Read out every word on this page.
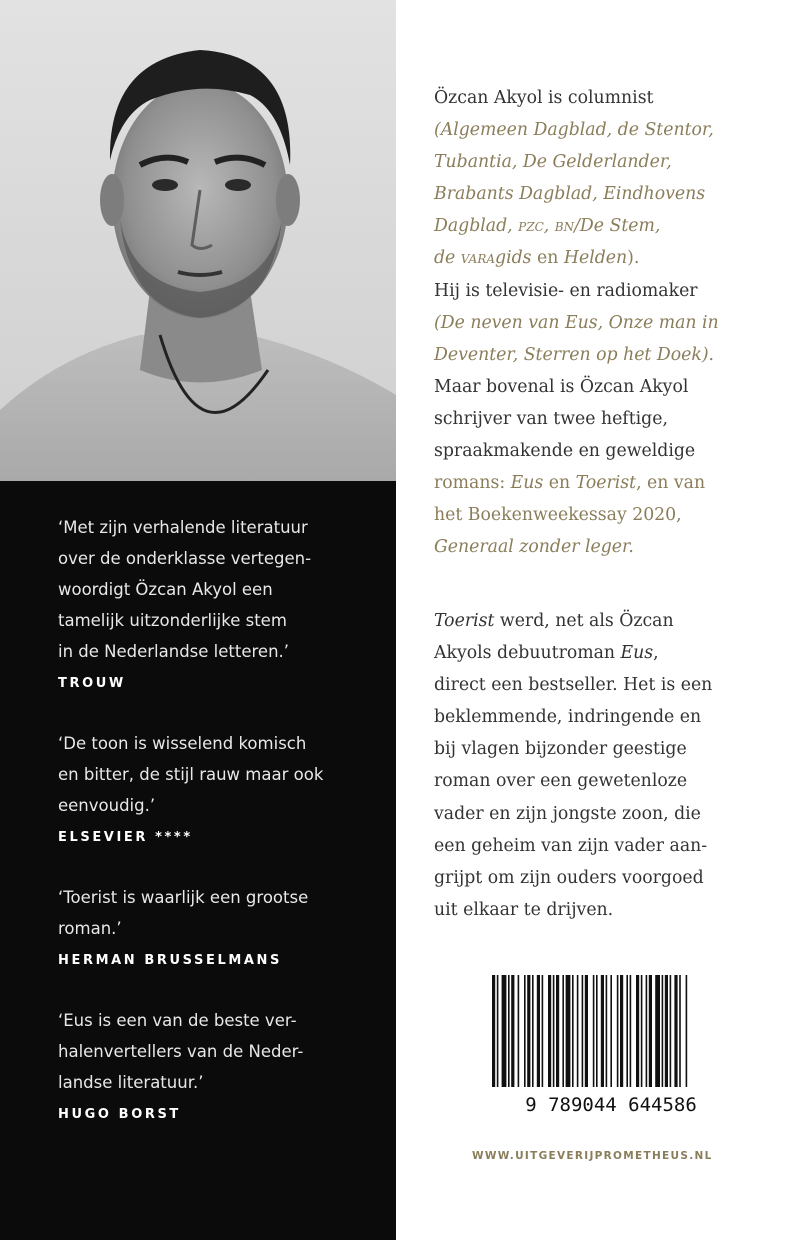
‘Met zijn verhalende literatuur

over de onderklasse vertegen-

woordigt Özcan Akyol een

tamelijk uitzonderlijke stem

in de Nederlandse letteren.’

TROUW

‘De toon is wisselend komisch

en bitter, de stijl rauw maar ook

eenvoudig.’

ELSEVIER ****

‘Toerist is waarlijk een grootse

roman.’

HERMAN BRUSSELMANS

‘Eus is een van de beste ver-

halenvertellers van de Neder-

landse literatuur.’

HUGO BORST

Özcan Akyol is columnist

(Algemeen Dagblad, de Stentor,

Tubantia, De Gelderlander,

Brabants Dagblad, Eindhovens

Dagblad, pzc, bn/De Stem,

de varagids en Helden).

Hij is televisie- en radiomaker

(De neven van Eus, Onze man in

Deventer, Sterren op het Doek).

Maar bovenal is Özcan Akyol

schrijver van twee heftige,

spraakmakende en geweldige

romans: Eus en Toerist, en van

het Boekenweekessay 2020,

Generaal zonder leger.

Toerist werd, net als Özcan

Akyols debuutroman Eus,

direct een bestseller. Het is een

beklemmende, indringende en

bij vlagen bijzonder geestige

roman over een gewetenloze

vader en zijn jongste zoon, die

een geheim van zijn vader aan-

grijpt om zijn ouders voorgoed

uit elkaar te drijven.

9 789044 644586
WWW.UITGEVERIJPROMETHEUS.NL
